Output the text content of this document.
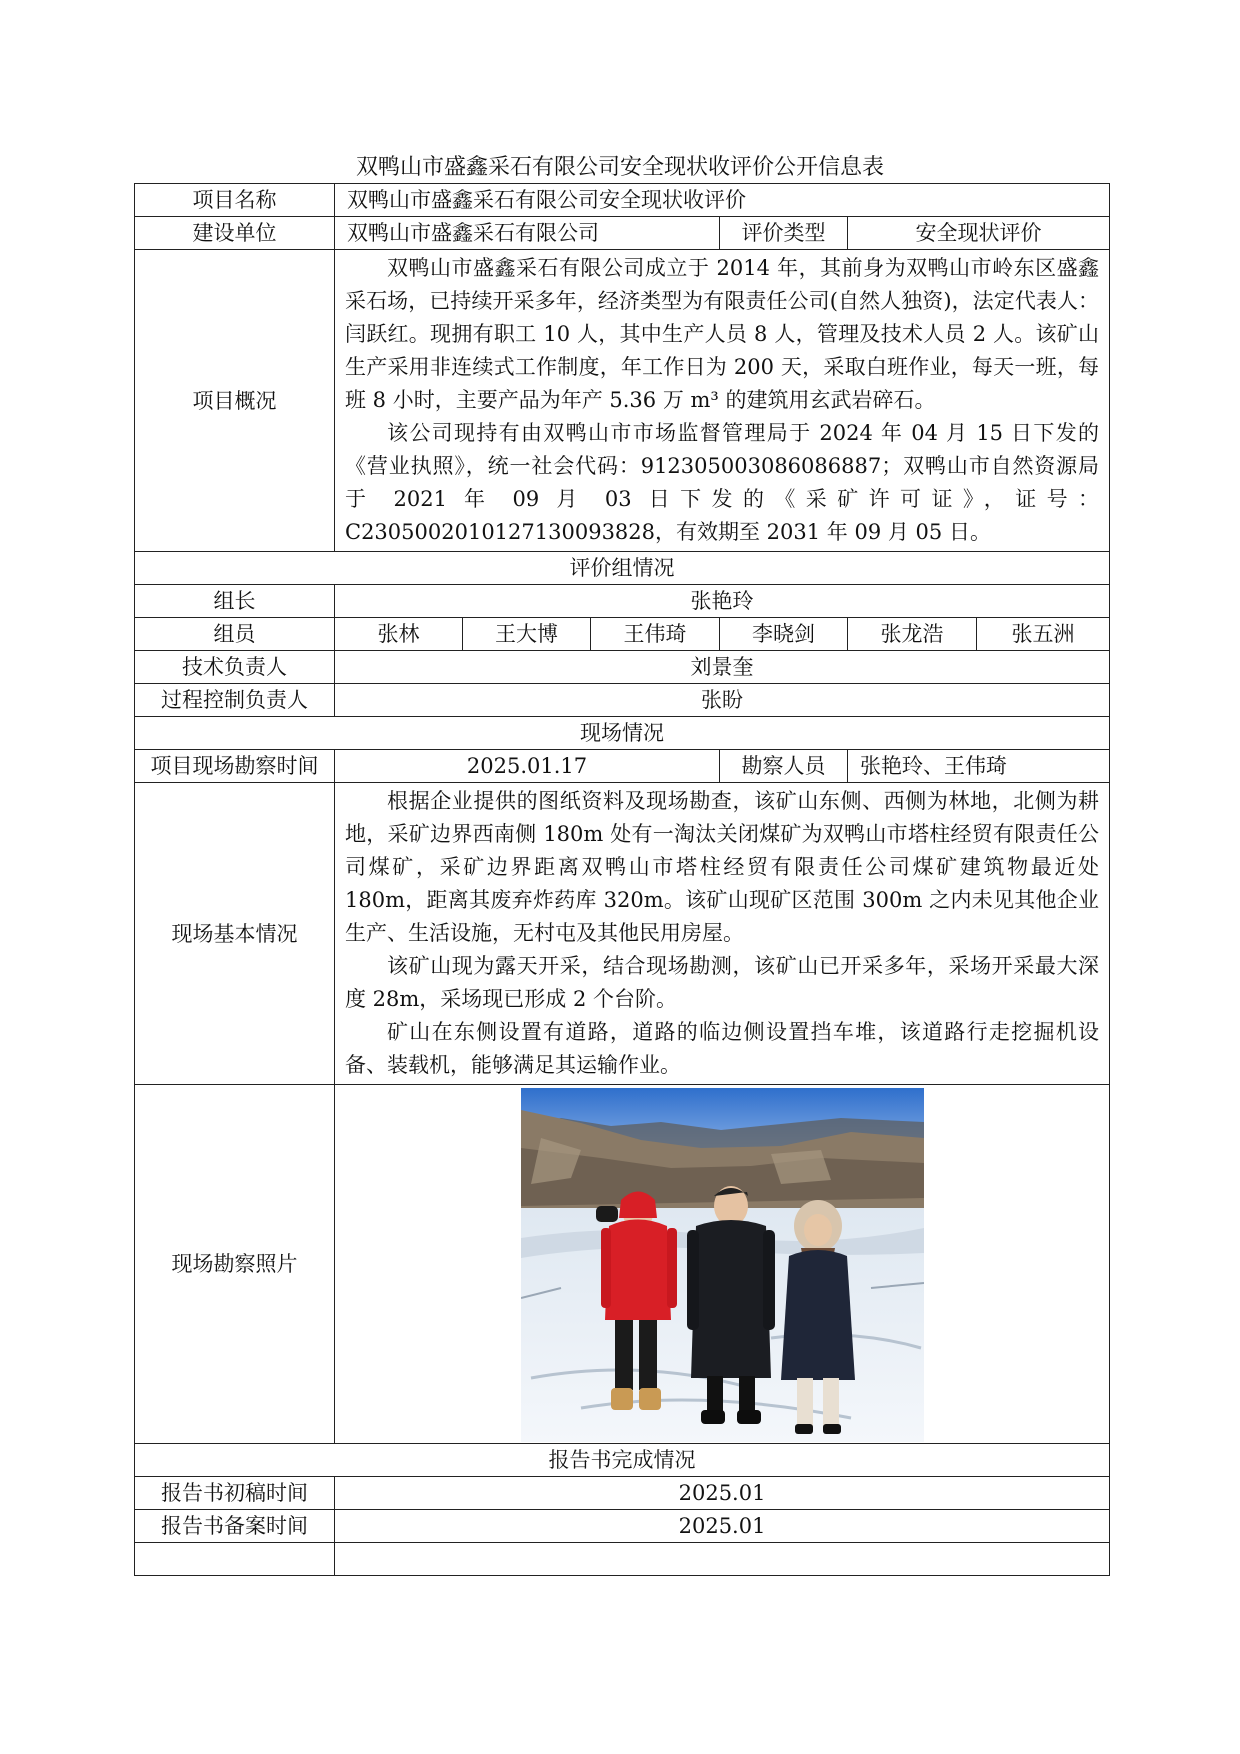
双鸭山市盛鑫采石有限公司安全现状收评价公开信息表
项目名称	双鸭山市盛鑫采石有限公司安全现状收评价					
建设单位	双鸭山市盛鑫采石有限公司			评价类型	安全现状评价	
项目概况	双鸭山市盛鑫采石有限公司成立于 2014 年，其前身为双鸭山市岭东区盛鑫采石场，已持续开采多年，经济类型为有限责任公司(自然人独资)，法定代表人：闫跃红。现拥有职工 10 人，其中生产人员 8 人，管理及技术人员 2 人。该矿山生产采用非连续式工作制度，年工作日为 200 天，采取白班作业，每天一班，每班 8 小时，主要产品为年产 5.36 万 m³ 的建筑用玄武岩碎石。

该公司现持有由双鸭山市市场监督管理局于 2024 年 04 月 15 日下发的《营业执照》，统一社会代码：912305003086086887；双鸭山市自然资源局于 2021 年 09 月 03 日下发的《采矿许可证》，证号：C2305002010127130093828，有效期至 2031 年 09 月 05 日。					

评价组情况						
组长	张艳玲					
组员	张林	王大博	王伟琦	李晓剑	张龙浩	张五洲
技术负责人	刘景奎					
过程控制负责人	张盼					
现场情况						
项目现场勘察时间	2025.01.17			勘察人员	张艳玲、王伟琦	
现场基本情况	根据企业提供的图纸资料及现场勘查，该矿山东侧、西侧为林地，北侧为耕地，采矿边界西南侧 180m 处有一淘汰关闭煤矿为双鸭山市塔柱经贸有限责任公司煤矿，采矿边界距离双鸭山市塔柱经贸有限责任公司煤矿建筑物最近处 180m，距离其废弃炸药库 320m。该矿山现矿区范围 300m 之内未见其他企业生产、生活设施，无村屯及其他民用房屋。

该矿山现为露天开采，结合现场勘测，该矿山已开采多年，采场开采最大深度 28m，采场现已形成 2 个台阶。

矿山在东侧设置有道路，道路的临边侧设置挡车堆，该道路行走挖掘机设备、装载机，能够满足其运输作业。					

现场勘察照片	

报告书完成情况						
报告书初稿时间	2025.01					
报告书备案时间	2025.01					
